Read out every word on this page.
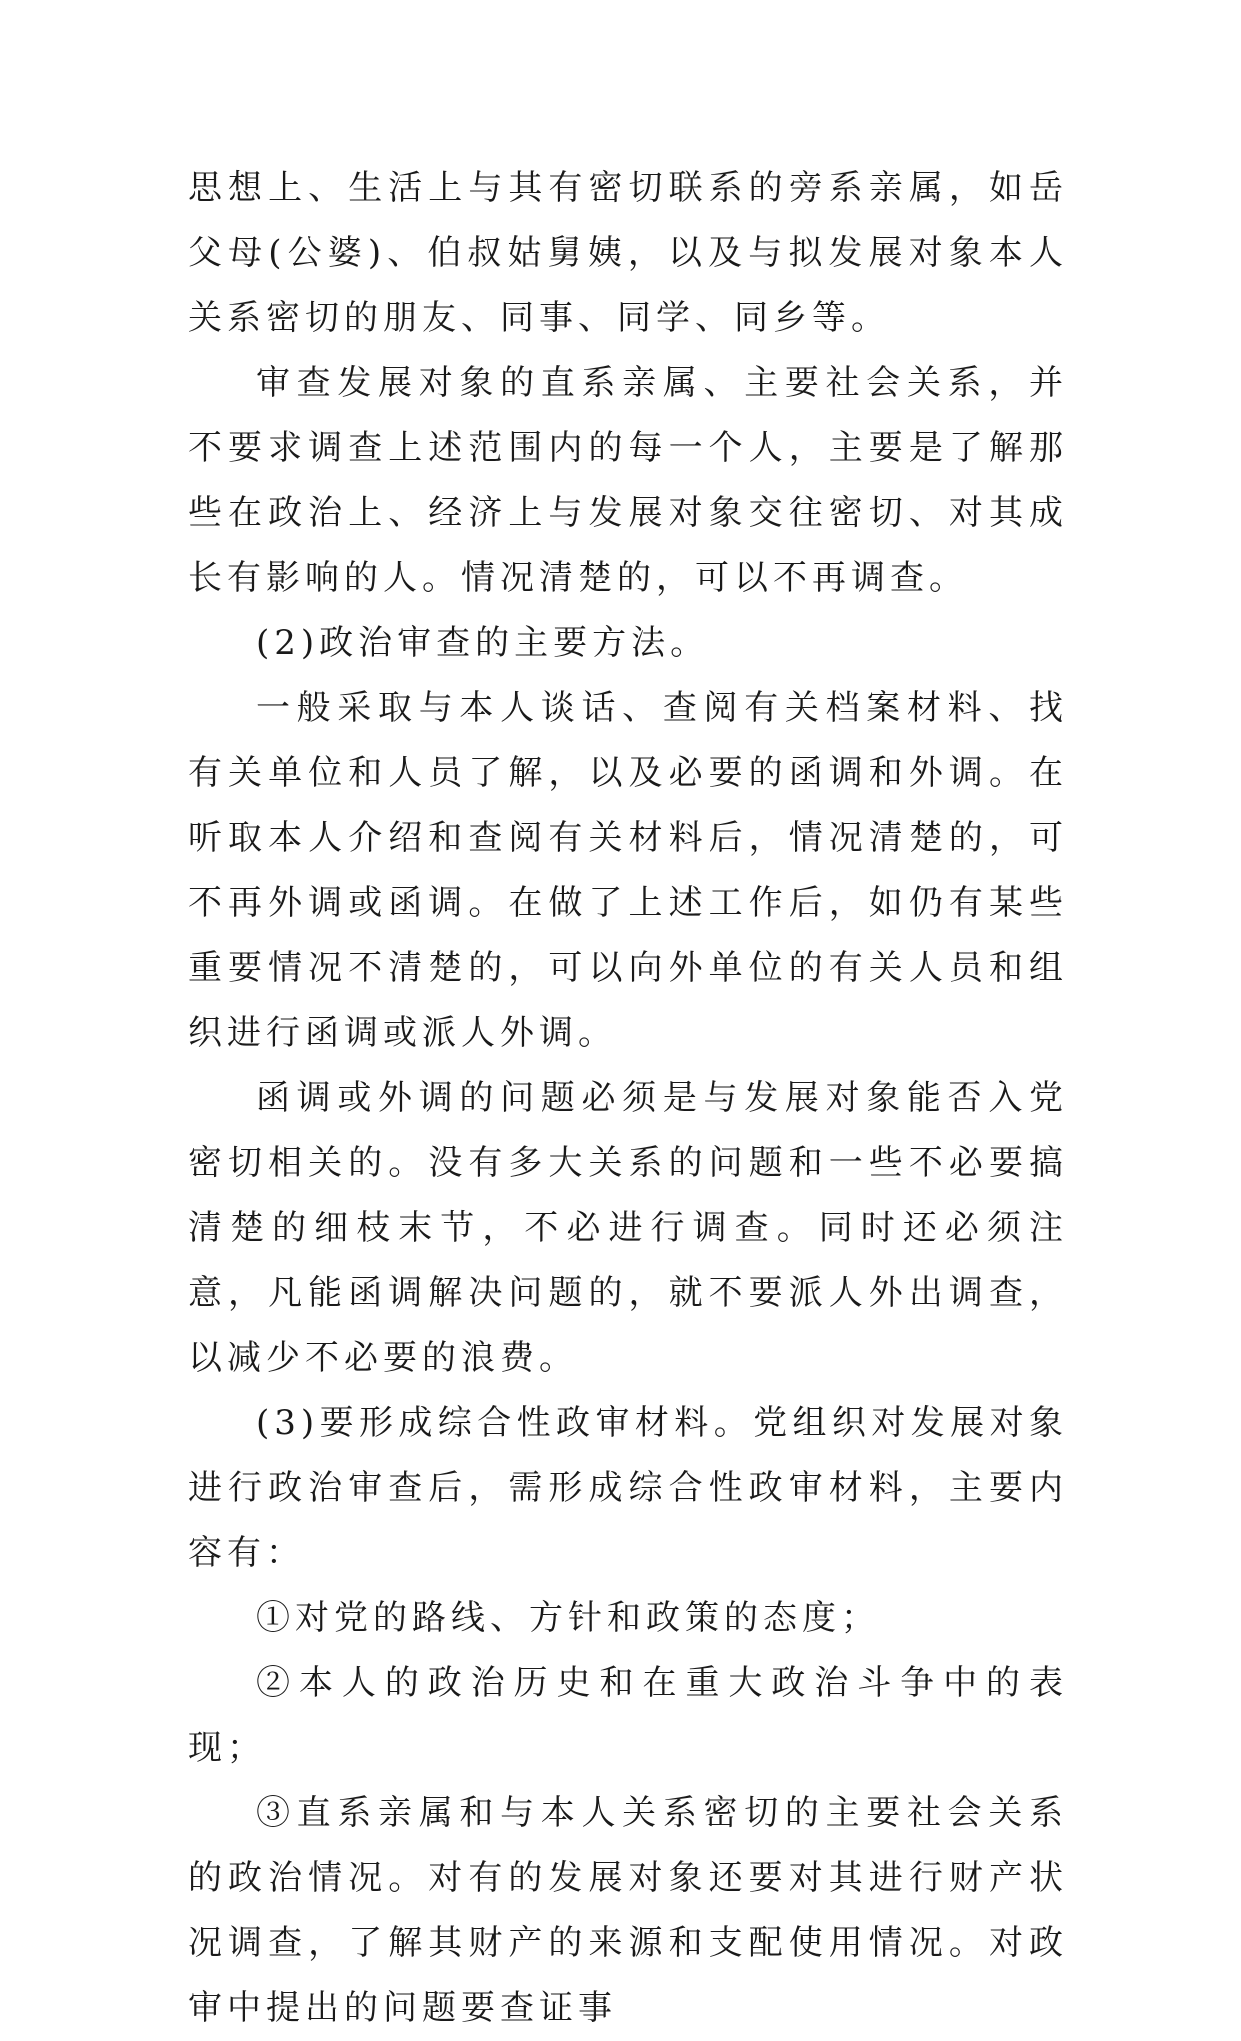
思想上、生活上与其有密切联系的旁系亲属，如岳父母(公婆)、伯叔姑舅姨，以及与拟发展对象本人关系密切的朋友、同事、同学、同乡等。

审查发展对象的直系亲属、主要社会关系，并不要求调查上述范围内的每一个人，主要是了解那些在政治上、经济上与发展对象交往密切、对其成长有影响的人。情况清楚的，可以不再调查。

(2)政治审查的主要方法。

一般采取与本人谈话、查阅有关档案材料、找有关单位和人员了解，以及必要的函调和外调。在听取本人介绍和查阅有关材料后，情况清楚的，可不再外调或函调。在做了上述工作后，如仍有某些重要情况不清楚的，可以向外单位的有关人员和组织进行函调或派人外调。

函调或外调的问题必须是与发展对象能否入党密切相关的。没有多大关系的问题和一些不必要搞清楚的细枝末节，不必进行调查。同时还必须注意，凡能函调解决问题的，就不要派人外出调查，以减少不必要的浪费。

(3)要形成综合性政审材料。党组织对发展对象进行政治审查后，需形成综合性政审材料，主要内容有：

①对党的路线、方针和政策的态度；

②本人的政治历史和在重大政治斗争中的表现；

③直系亲属和与本人关系密切的主要社会关系的政治情况。对有的发展对象还要对其进行财产状况调查，了解其财产的来源和支配使用情况。对政审中提出的问题要查证事
